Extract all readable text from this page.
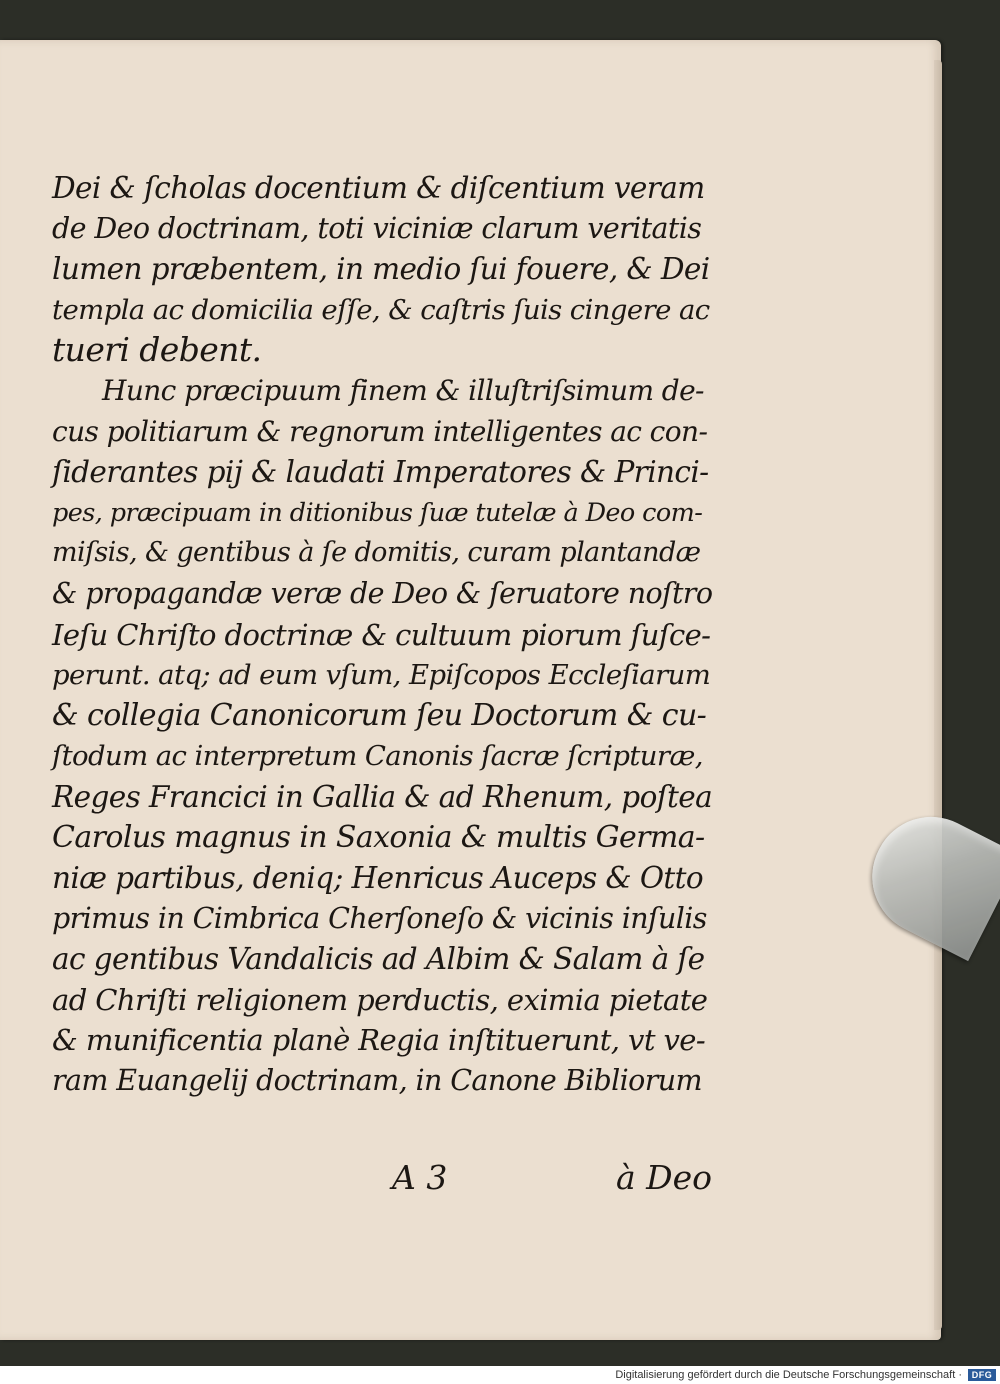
Dei & ſcholas docentium & diſcentium veram
de Deo doctrinam, toti viciniæ clarum veritatis
lumen præbentem, in medio ſui fouere, & Dei
templa ac domicilia eſſe, & caſtris ſuis cingere ac
tueri debent.
Hunc præcipuum finem & illuſtriſsimum de-
cus politiarum & regnorum intelligentes ac con-
ſiderantes pij & laudati Imperatores & Princi-
pes, præcipuam in ditionibus ſuæ tutelæ à Deo com-
miſsis, & gentibus à ſe domitis, curam plantandæ
& propagandæ veræ de Deo & ſeruatore noſtro
Ieſu Chriſto doctrinæ & cultuum piorum ſuſce-
perunt. atq; ad eum vſum, Epiſcopos Eccleſiarum
& collegia Canonicorum ſeu Doctorum & cu-
ſtodum ac interpretum Canonis ſacræ ſcripturæ,
Reges Francici in Gallia & ad Rhenum, poſtea
Carolus magnus in Saxonia & multis Germa-
niæ partibus, deniq; Henricus Auceps & Otto
primus in Cimbrica Cherſoneſo & vicinis inſulis
ac gentibus Vandalicis ad Albim & Salam à ſe
ad Chriſti religionem perductis, eximia pietate
& munificentia planè Regia inſtituerunt, vt ve-
ram Euangelij doctrinam, in Canone Bibliorum
A 3	à Deo
Digitalisierung gefördert durch die Deutsche Forschungsgemeinschaft ·	DFG
